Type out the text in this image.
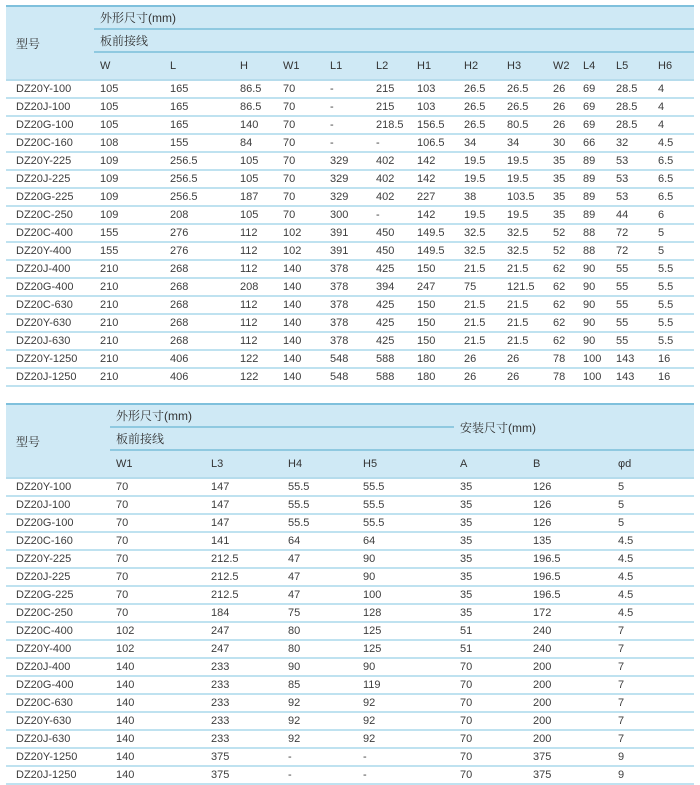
型号	外形尺寸(mm)												
	板前接线												
	W	L	H	W1	L1	L2	H1	H2	H3	W2	L4	L5	H6
DZ20Y-100	105	165	86.5	70	-	215	103	26.5	26.5	26	69	28.5	4
DZ20J-100	105	165	86.5	70	-	215	103	26.5	26.5	26	69	28.5	4
DZ20G-100	105	165	140	70	-	218.5	156.5	26.5	80.5	26	69	28.5	4
DZ20C-160	108	155	84	70	-	-	106.5	34	34	30	66	32	4.5
DZ20Y-225	109	256.5	105	70	329	402	142	19.5	19.5	35	89	53	6.5
DZ20J-225	109	256.5	105	70	329	402	142	19.5	19.5	35	89	53	6.5
DZ20G-225	109	256.5	187	70	329	402	227	38	103.5	35	89	53	6.5
DZ20C-250	109	208	105	70	300	-	142	19.5	19.5	35	89	44	6
DZ20C-400	155	276	112	102	391	450	149.5	32.5	32.5	52	88	72	5
DZ20Y-400	155	276	112	102	391	450	149.5	32.5	32.5	52	88	72	5
DZ20J-400	210	268	112	140	378	425	150	21.5	21.5	62	90	55	5.5
DZ20G-400	210	268	208	140	378	394	247	75	121.5	62	90	55	5.5
DZ20C-630	210	268	112	140	378	425	150	21.5	21.5	62	90	55	5.5
DZ20Y-630	210	268	112	140	378	425	150	21.5	21.5	62	90	55	5.5
DZ20J-630	210	268	112	140	378	425	150	21.5	21.5	62	90	55	5.5
DZ20Y-1250	210	406	122	140	548	588	180	26	26	78	100	143	16
DZ20J-1250	210	406	122	140	548	588	180	26	26	78	100	143	16
型号	外形尺寸(mm)				安装尺寸(mm)		
	板前接线						
	W1	L3	H4	H5	A	B	φd
DZ20Y-100	70	147	55.5	55.5	35	126	5
DZ20J-100	70	147	55.5	55.5	35	126	5
DZ20G-100	70	147	55.5	55.5	35	126	5
DZ20C-160	70	141	64	64	35	135	4.5
DZ20Y-225	70	212.5	47	90	35	196.5	4.5
DZ20J-225	70	212.5	47	90	35	196.5	4.5
DZ20G-225	70	212.5	47	100	35	196.5	4.5
DZ20C-250	70	184	75	128	35	172	4.5
DZ20C-400	102	247	80	125	51	240	7
DZ20Y-400	102	247	80	125	51	240	7
DZ20J-400	140	233	90	90	70	200	7
DZ20G-400	140	233	85	119	70	200	7
DZ20C-630	140	233	92	92	70	200	7
DZ20Y-630	140	233	92	92	70	200	7
DZ20J-630	140	233	92	92	70	200	7
DZ20Y-1250	140	375	-	-	70	375	9
DZ20J-1250	140	375	-	-	70	375	9
